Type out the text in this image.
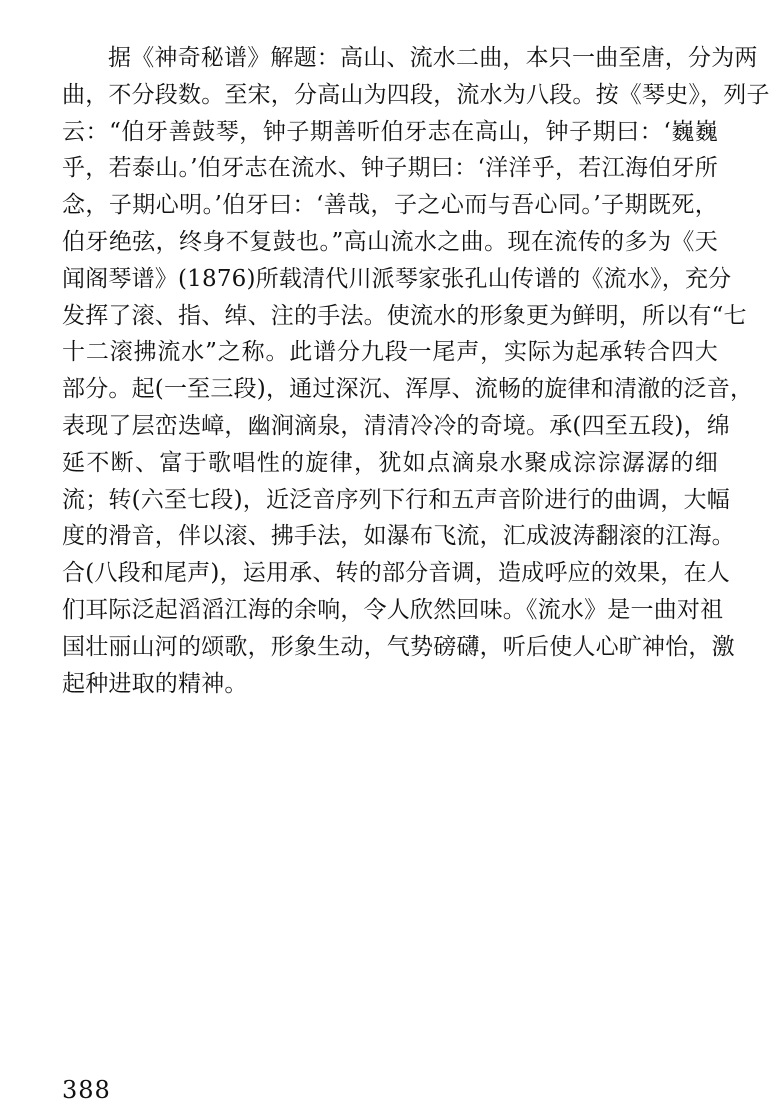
据《神奇秘谱》解题：高山、流水二曲，本只一曲至唐，分为两
曲，不分段数。至宋，分高山为四段，流水为八段。按《琴史》，列子
云：“伯牙善鼓琴，钟子期善听伯牙志在高山，钟子期曰：‘巍巍
乎，若泰山。’伯牙志在流水、钟子期曰：‘洋洋乎，若江海伯牙所
念，子期心明。’伯牙曰：‘善哉，子之心而与吾心同。’子期既死，
伯牙绝弦，终身不复鼓也。”高山流水之曲。现在流传的多为《天
闻阁琴谱》(1876)所载清代川派琴家张孔山传谱的《流水》，充分
发挥了滚、指、绰、注的手法。使流水的形象更为鲜明，所以有“七
十二滚拂流水”之称。此谱分九段一尾声，实际为起承转合四大
部分。起(一至三段)，通过深沉、浑厚、流畅的旋律和清澈的泛音，
表现了层峦迭嶂，幽涧滴泉，清清冷冷的奇境。承(四至五段)，绵
延不断、富于歌唱性的旋律，犹如点滴泉水聚成淙淙潺潺的细
流；转(六至七段)，近泛音序列下行和五声音阶进行的曲调，大幅
度的滑音，伴以滚、拂手法，如瀑布飞流，汇成波涛翻滚的江海。
合(八段和尾声)，运用承、转的部分音调，造成呼应的效果，在人
们耳际泛起滔滔江海的余响，令人欣然回味。《流水》是一曲对祖
国壮丽山河的颂歌，形象生动，气势磅礴，听后使人心旷神怡，激
起种进取的精神。
388
